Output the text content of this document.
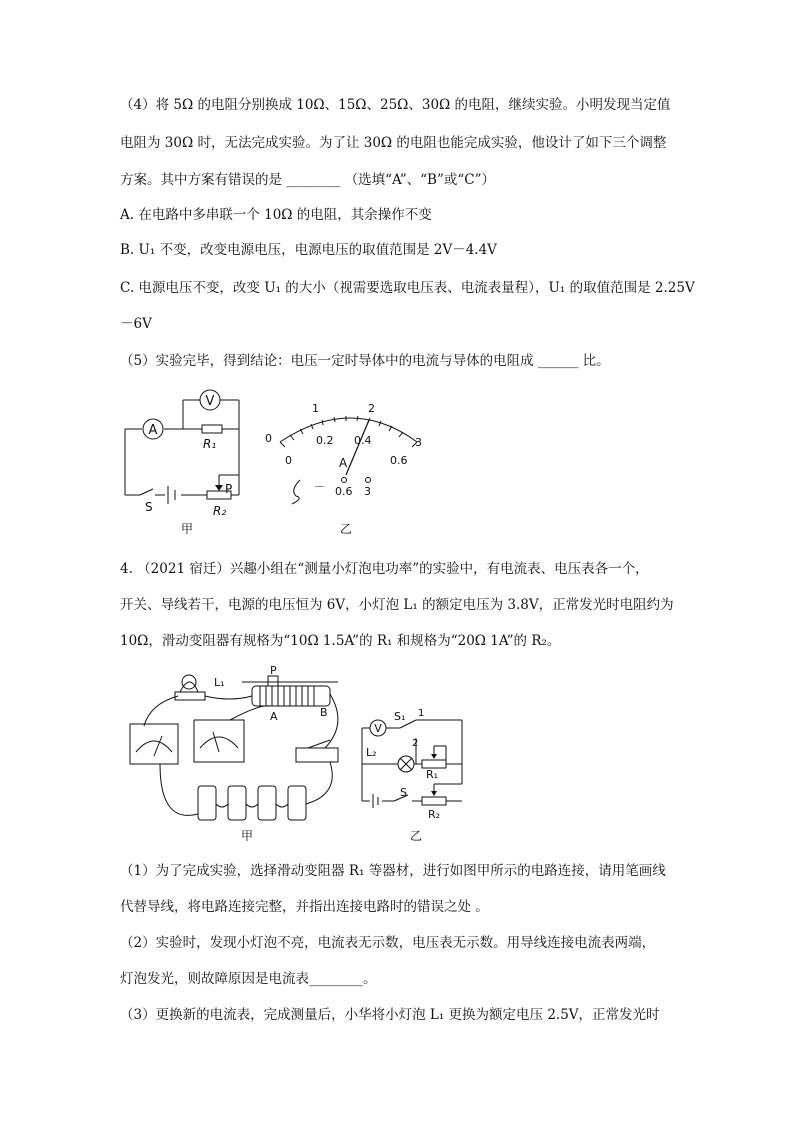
（4）将 5Ω 的电阻分别换成 10Ω、15Ω、25Ω、30Ω 的电阻，继续实验。小明发现当定值
电阻为 30Ω 时，无法完成实验。为了让 30Ω 的电阻也能完成实验，他设计了如下三个调整
方案。其中方案有错误的是 ________ （选填“A”、“B”或“C”）
A. 在电路中多串联一个 10Ω 的电阻，其余操作不变
B. U₁ 不变，改变电源电压，电源电压的取值范围是 2V－4.4V
C. 电源电压不变，改变 U₁ 的大小（视需要选取电压表、电流表量程），U₁ 的取值范围是 2.25V
－6V
（5）实验完毕，得到结论：电压一定时导体中的电流与导体的电阻成 ______ 比。
A
V
R₁
P
R₂
S
甲
0
1	2
3
0
0.2 0.4
0.6
A
－ 0.6 3
乙
4. （2021 宿迁）兴趣小组在“测量小灯泡电功率”的实验中，有电流表、电压表各一个，
开关、导线若干，电源的电压恒为 6V，小灯泡 L₁ 的额定电压为 3.8V，正常发光时电阻约为
10Ω，滑动变阻器有规格为“10Ω 1.5A”的 R₁ 和规格为“20Ω 1A”的 R₂。
L₁
P
A	B
甲
V
S₁ 1
2
L₂
R₁
R₂
S
乙
（1）为了完成实验，选择滑动变阻器 R₁ 等器材，进行如图甲所示的电路连接，请用笔画线
代替导线，将电路连接完整，并指出连接电路时的错误之处 。
（2）实验时，发现小灯泡不亮，电流表无示数，电压表无示数。用导线连接电流表两端，
灯泡发光，则故障原因是电流表________。
（3）更换新的电流表，完成测量后，小华将小灯泡 L₁ 更换为额定电压 2.5V，正常发光时
